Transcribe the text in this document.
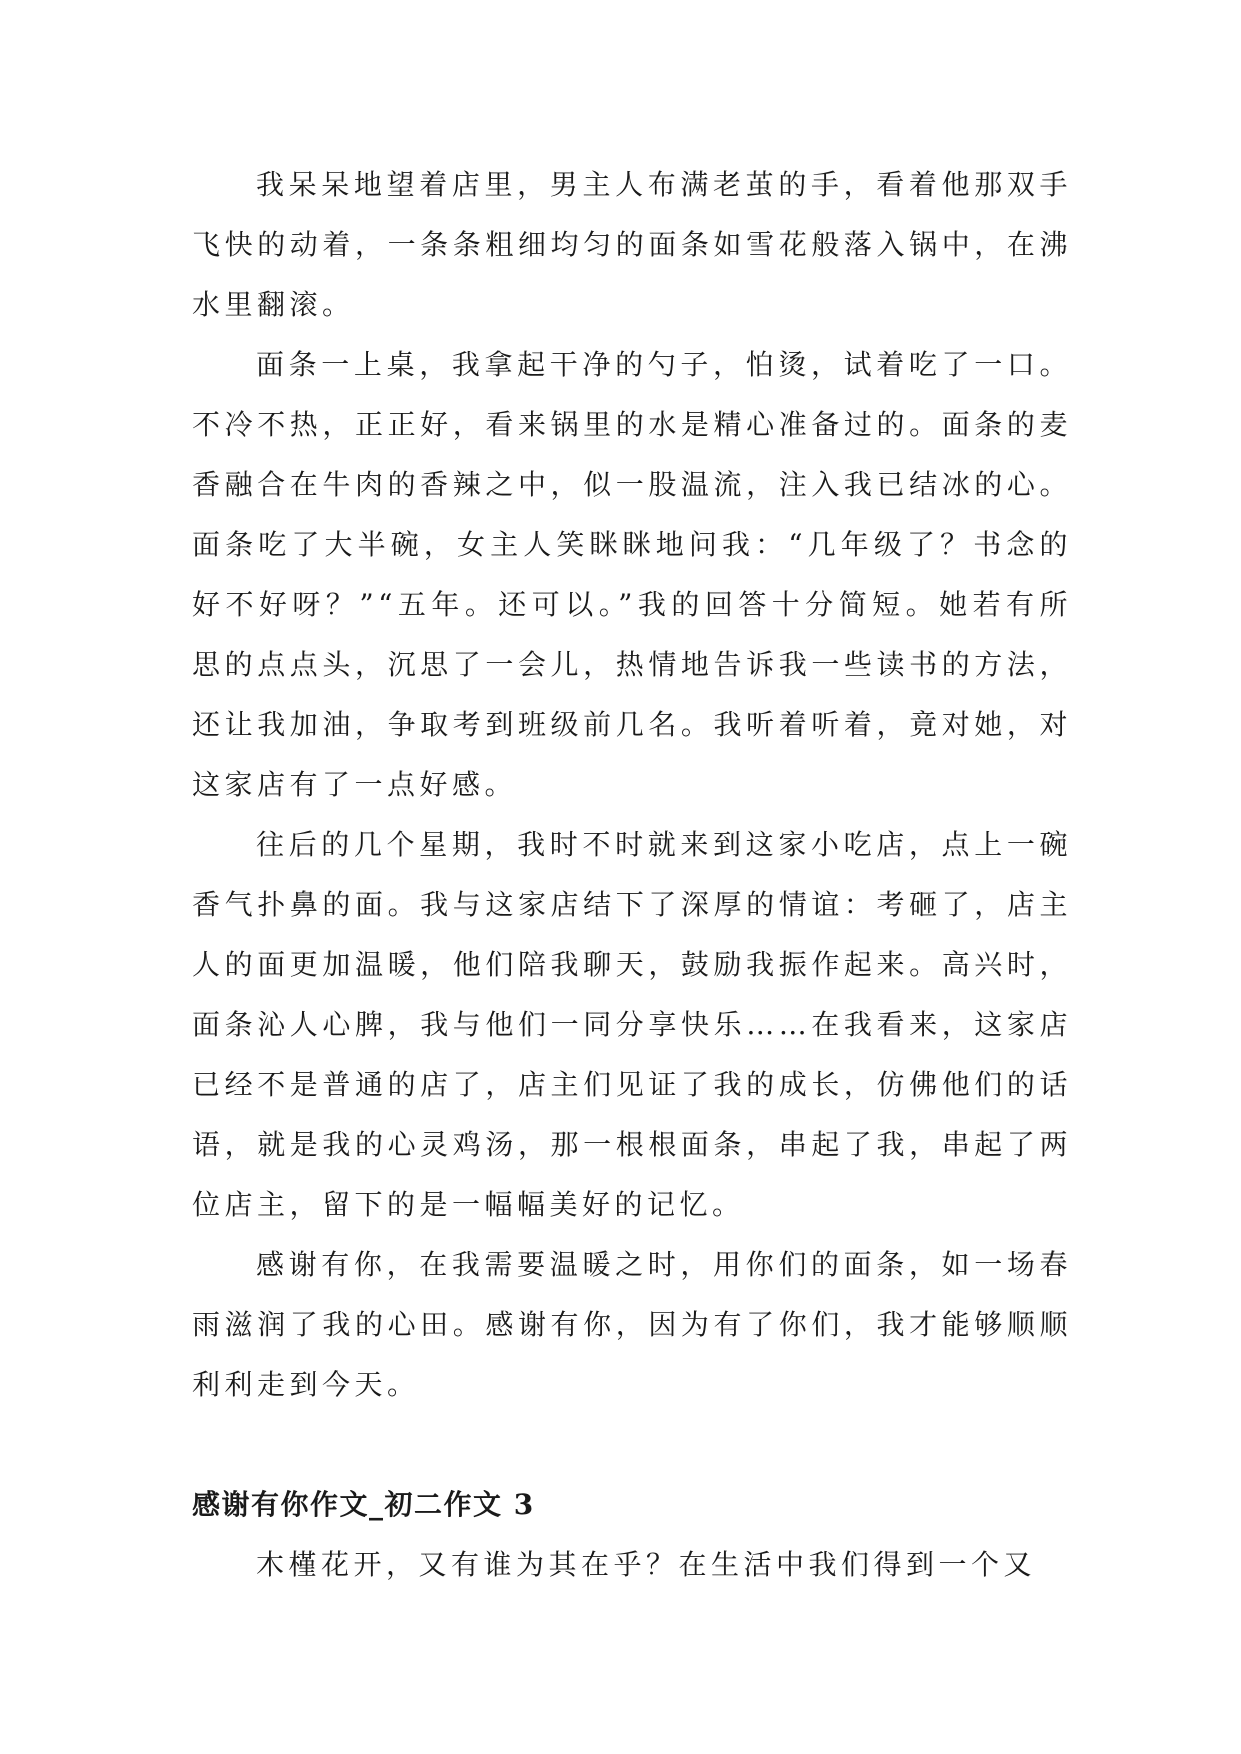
我呆呆地望着店里，男主人布满老茧的手，看着他那双手飞快的动着，一条条粗细均匀的面条如雪花般落入锅中，在沸水里翻滚。

面条一上桌，我拿起干净的勺子，怕烫，试着吃了一口。不冷不热，正正好，看来锅里的水是精心准备过的。面条的麦香融合在牛肉的香辣之中，似一股温流，注入我已结冰的心。面条吃了大半碗，女主人笑眯眯地问我：“几年级了？书念的好不好呀？”“五年。还可以。”我的回答十分简短。她若有所思的点点头，沉思了一会儿，热情地告诉我一些读书的方法，还让我加油，争取考到班级前几名。我听着听着，竟对她，对这家店有了一点好感。

往后的几个星期，我时不时就来到这家小吃店，点上一碗香气扑鼻的面。我与这家店结下了深厚的情谊：考砸了，店主人的面更加温暖，他们陪我聊天，鼓励我振作起来。高兴时，面条沁人心脾，我与他们一同分享快乐……在我看来，这家店已经不是普通的店了，店主们见证了我的成长，仿佛他们的话语，就是我的心灵鸡汤，那一根根面条，串起了我，串起了两位店主，留下的是一幅幅美好的记忆。

感谢有你，在我需要温暖之时，用你们的面条，如一场春雨滋润了我的心田。感谢有你，因为有了你们，我才能够顺顺利利走到今天。

感谢有你作文_初二作文 3

木槿花开，又有谁为其在乎？在生活中我们得到一个又
